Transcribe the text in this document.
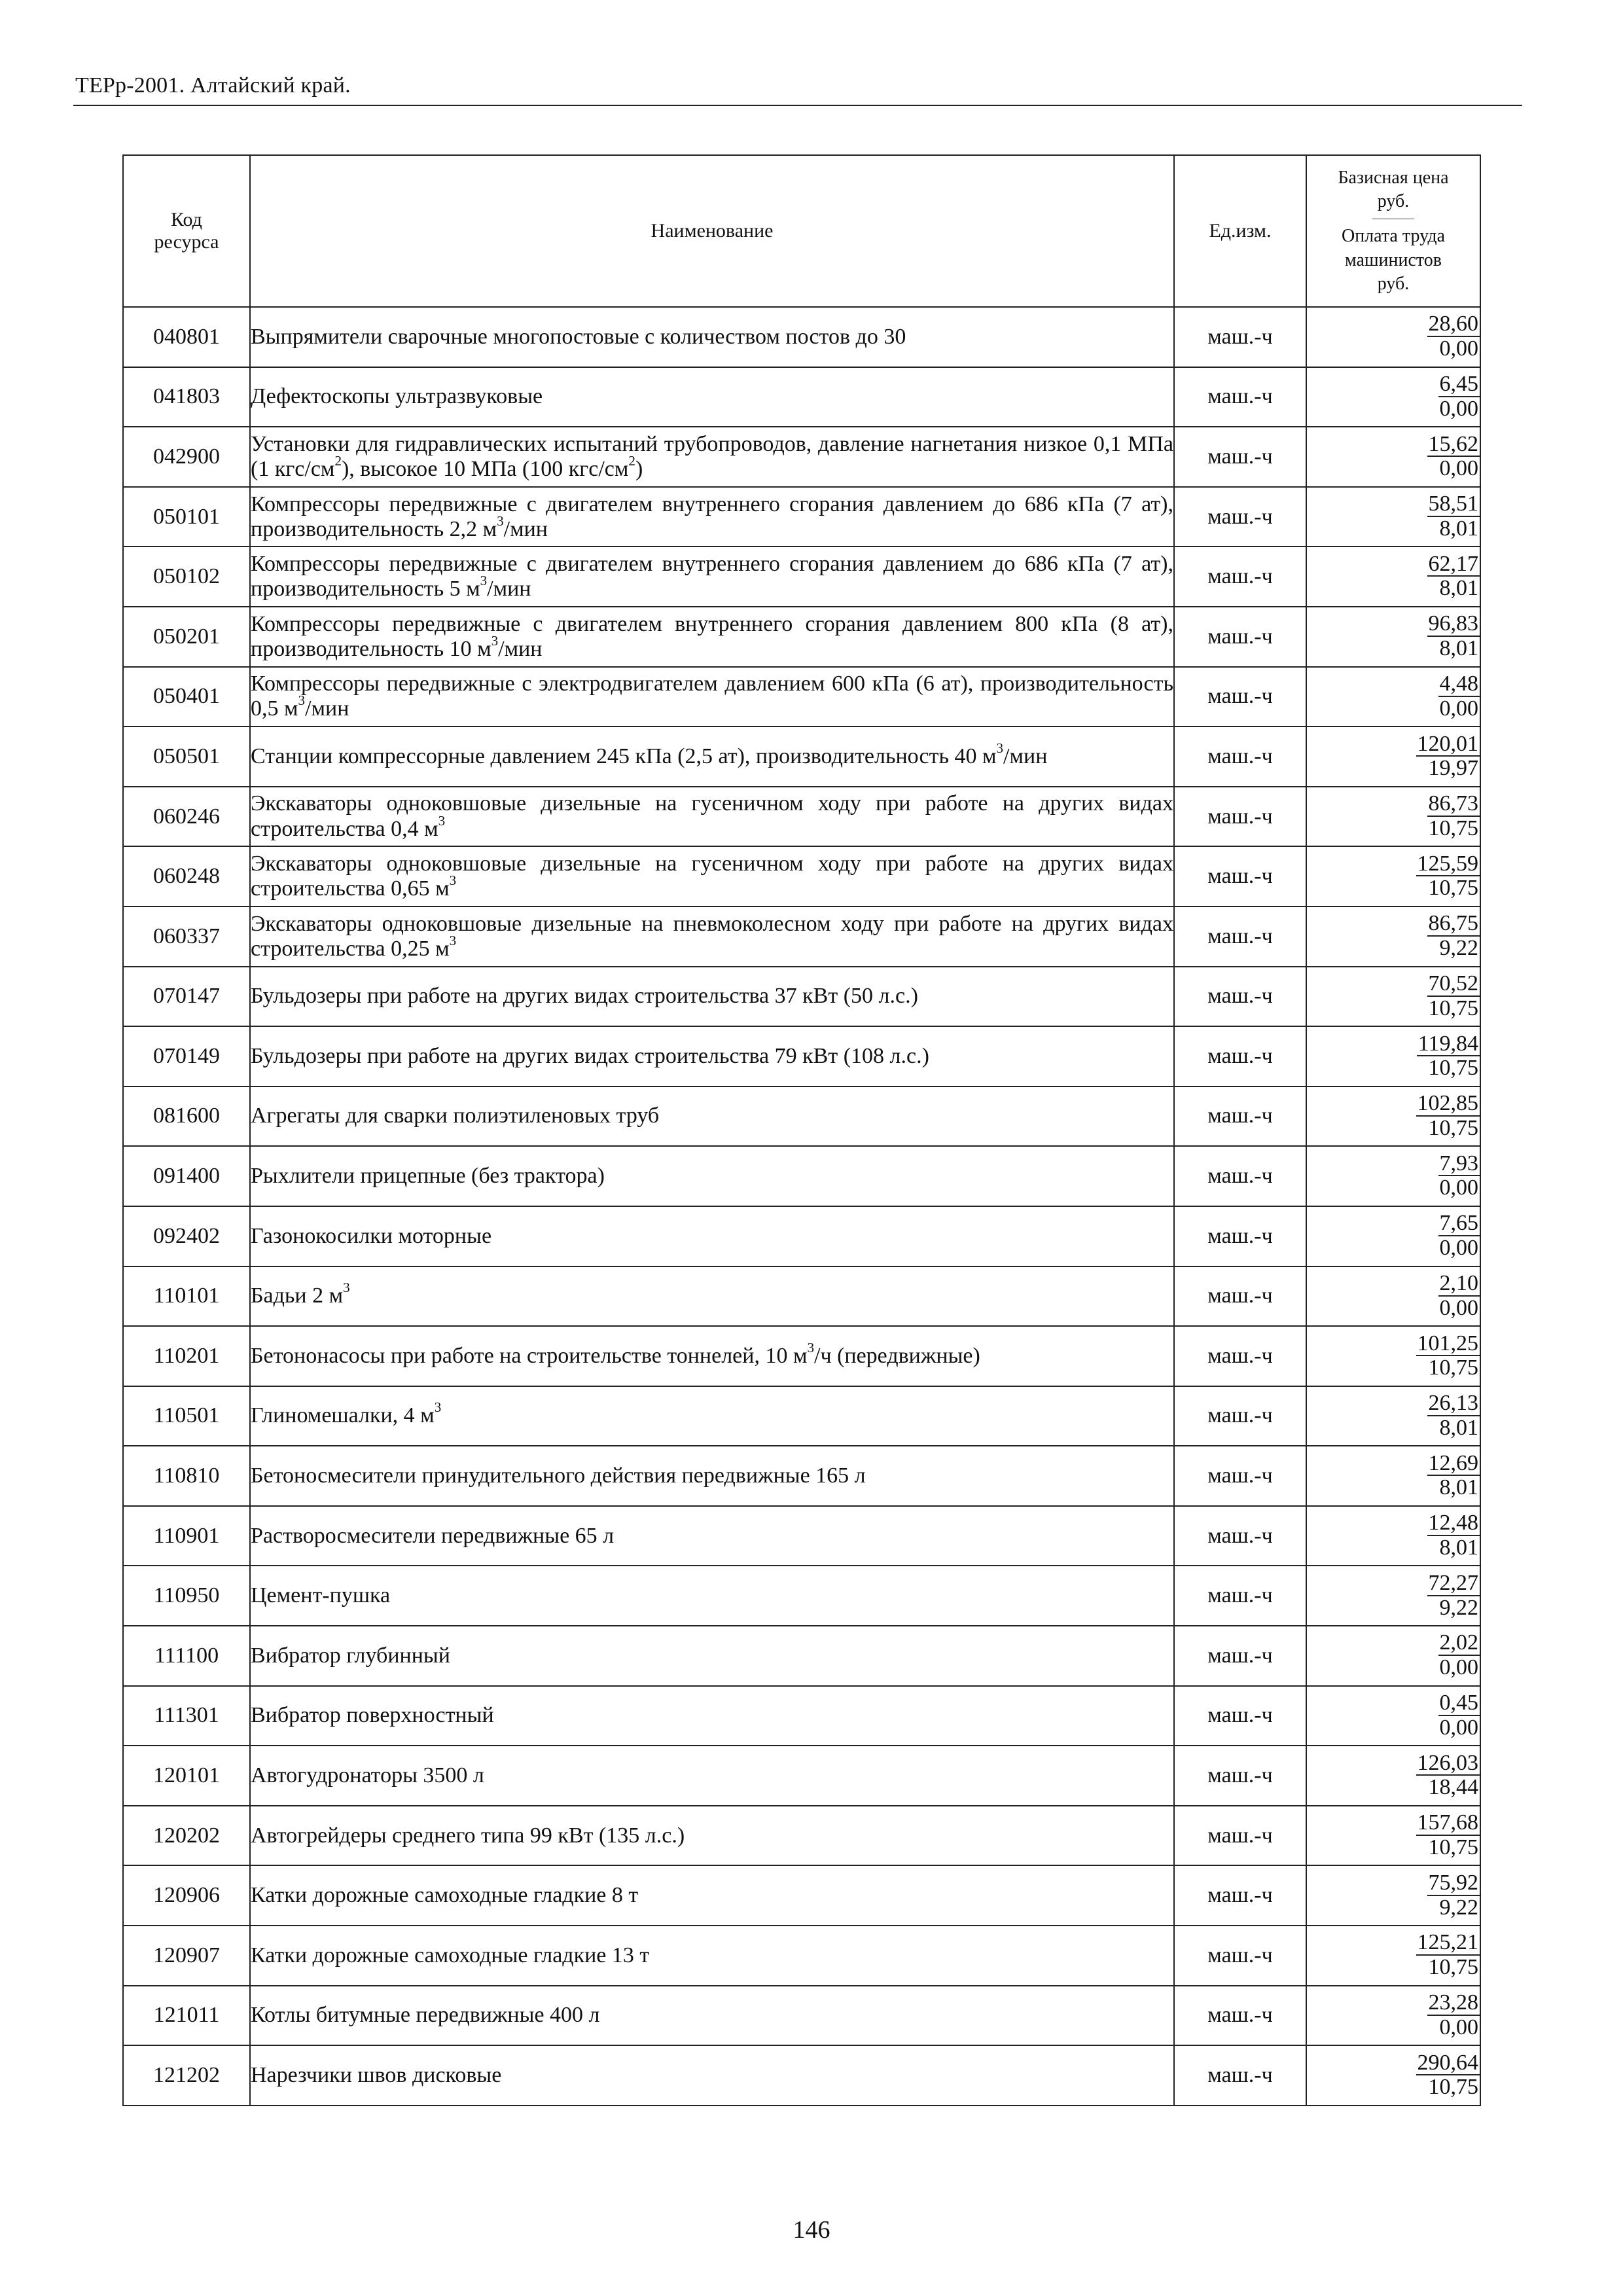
ТЕРр-2001. Алтайский край.
Код
ресурса	Наименование	Ед.изм.	Базисная цена
руб.
Оплата труда
машинистов
руб.
040801	Выпрямители сварочные многопостовые с количеством постов до 30	маш.-ч	$\frac{28,60}{0,00}$

041803	Дефектоскопы ультразвуковые	маш.-ч	$\frac{6,45}{0,00}$

042900	Установки для гидравлических испытаний трубопроводов, давление нагнетания низкое 0,1 МПа (1 кгс/$см^2$), высокое 10 МПа (100 кгс/$см^2$)	маш.-ч	$\frac{15,62}{0,00}$

050101	Компрессоры передвижные с двигателем внутреннего сгорания давлением до 686 кПа (7 ат), производительность 2,2 $м^3$/мин	маш.-ч	$\frac{58,51}{8,01}$

050102	Компрессоры передвижные с двигателем внутреннего сгорания давлением до 686 кПа (7 ат), производительность 5 $м^3$/мин	маш.-ч	$\frac{62,17}{8,01}$

050201	Компрессоры передвижные с двигателем внутреннего сгорания давлением 800 кПа (8 ат), производительность 10 $м^3$/мин	маш.-ч	$\frac{96,83}{8,01}$

050401	Компрессоры передвижные с электродвигателем давлением 600 кПа (6 ат), производительность 0,5 $м^3$/мин	маш.-ч	$\frac{4,48}{0,00}$

050501	Станции компрессорные давлением 245 кПа (2,5 ат), производительность 40 $м^3$/мин	маш.-ч	$\frac{120,01}{19,97}$

060246	Экскаваторы одноковшовые дизельные на гусеничном ходу при работе на других видах строительства 0,4 $м^3$	маш.-ч	$\frac{86,73}{10,75}$

060248	Экскаваторы одноковшовые дизельные на гусеничном ходу при работе на других видах строительства 0,65 $м^3$	маш.-ч	$\frac{125,59}{10,75}$

060337	Экскаваторы одноковшовые дизельные на пневмоколесном ходу при работе на других видах строительства 0,25 $м^3$	маш.-ч	$\frac{86,75}{9,22}$

070147	Бульдозеры при работе на других видах строительства 37 кВт (50 л.с.)	маш.-ч	$\frac{70,52}{10,75}$

070149	Бульдозеры при работе на других видах строительства 79 кВт (108 л.с.)	маш.-ч	$\frac{119,84}{10,75}$

081600	Агрегаты для сварки полиэтиленовых труб	маш.-ч	$\frac{102,85}{10,75}$

091400	Рыхлители прицепные (без трактора)	маш.-ч	$\frac{7,93}{0,00}$

092402	Газонокосилки моторные	маш.-ч	$\frac{7,65}{0,00}$

110101	Бадьи 2 $м^3$	маш.-ч	$\frac{2,10}{0,00}$

110201	Бетононасосы при работе на строительстве тоннелей, 10 $м^3/ч$ (передвижные)	маш.-ч	$\frac{101,25}{10,75}$

110501	Глиномешалки, 4 $м^3$	маш.-ч	$\frac{26,13}{8,01}$

110810	Бетоносмесители принудительного действия передвижные 165 л	маш.-ч	$\frac{12,69}{8,01}$

110901	Растворосмесители передвижные 65 л	маш.-ч	$\frac{12,48}{8,01}$

110950	Цемент-пушка	маш.-ч	$\frac{72,27}{9,22}$

111100	Вибратор глубинный	маш.-ч	$\frac{2,02}{0,00}$

111301	Вибратор поверхностный	маш.-ч	$\frac{0,45}{0,00}$

120101	Автогудронаторы 3500 л	маш.-ч	$\frac{126,03}{18,44}$

120202	Автогрейдеры среднего типа 99 кВт (135 л.с.)	маш.-ч	$\frac{157,68}{10,75}$

120906	Катки дорожные самоходные гладкие 8 т	маш.-ч	$\frac{75,92}{9,22}$

120907	Катки дорожные самоходные гладкие 13 т	маш.-ч	$\frac{125,21}{10,75}$

121011	Котлы битумные передвижные 400 л	маш.-ч	$\frac{23,28}{0,00}$

121202	Нарезчики швов дисковые	маш.-ч	$\frac{290,64}{10,75}$
146
